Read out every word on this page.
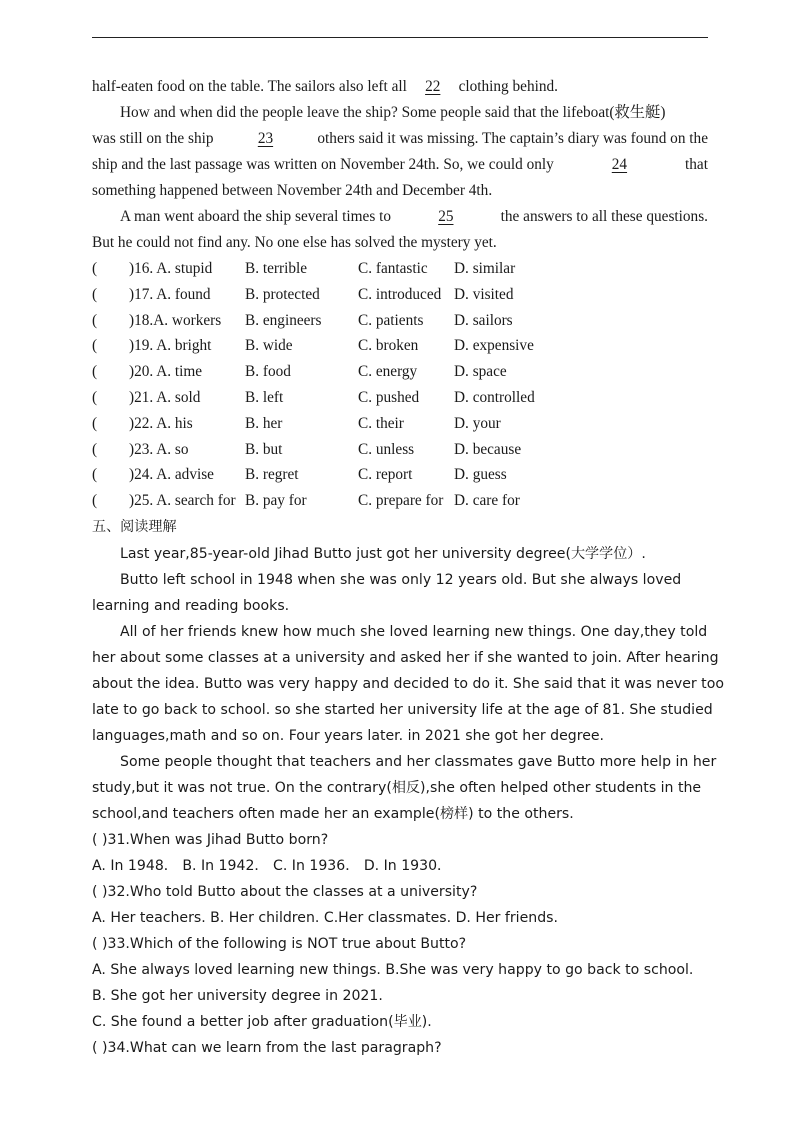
half-eaten food on the table. The sailors also left all 22 clothing behind.
How and when did the people leave the ship? Some people said that the lifeboat(救生艇)
was still on the ship	23	others said it was missing. The captain’s diary was found on the
ship and the last passage was written on November 24th. So, we could only	24	that
something happened between November 24th and December 4th.
A man went aboard the ship several times to	25	the answers to all these questions.
But he could not find any. No one else has solved the mystery yet.
( )16. A. stupid B. terrible	C. fantastic D. similar
( )17. A. found B. protected C. introduced D. visited
( )18.A. workers B. engineers C. patients D. sailors
( )19. A. bright B. wide	C. broken D. expensive
( )20. A. time	B. food	C. energy D. space
( )21. A. sold	B. left	C. pushed D. controlled
( )22. A. his	B. her	C. their	D. your
( )23. A. so	B. but	C. unless	D. because
( )24. A. advise B. regret	C. report	D. guess
( )25. A. search for B. pay for	C. prepare for D. care for
五、阅读理解
Last year,85-year-old Jihad Butto just got her university degree(大学学位）.
Butto left school in 1948 when she was only 12 years old. But she always loved
learning and reading books.
All of her friends knew how much she loved learning new things. One day,they told
her about some classes at a university and asked her if she wanted to join. After hearing
about the idea. Butto was very happy and decided to do it. She said that it was never too
late to go back to school. so she started her university life at the age of 81. She studied
languages,math and so on. Four years later. in 2021 she got her degree.
Some people thought that teachers and her classmates gave Butto more help in her
study,but it was not true. On the contrary(相反),she often helped other students in the
school,and teachers often made her an example(榜样) to the others.
( )31.When was Jihad Butto born?
A. In 1948． B. In 1942． C. In 1936． D. In 1930．
( )32.Who told Butto about the classes at a university?
A. Her teachers. B. Her children. C.Her classmates. D. Her friends.
( )33.Which of the following is NOT true about Butto?
A. She always loved learning new things. B.She was very happy to go back to school.
B. She got her university degree in 2021.
C. She found a better job after graduation(毕业).
( )34.What can we learn from the last paragraph?
